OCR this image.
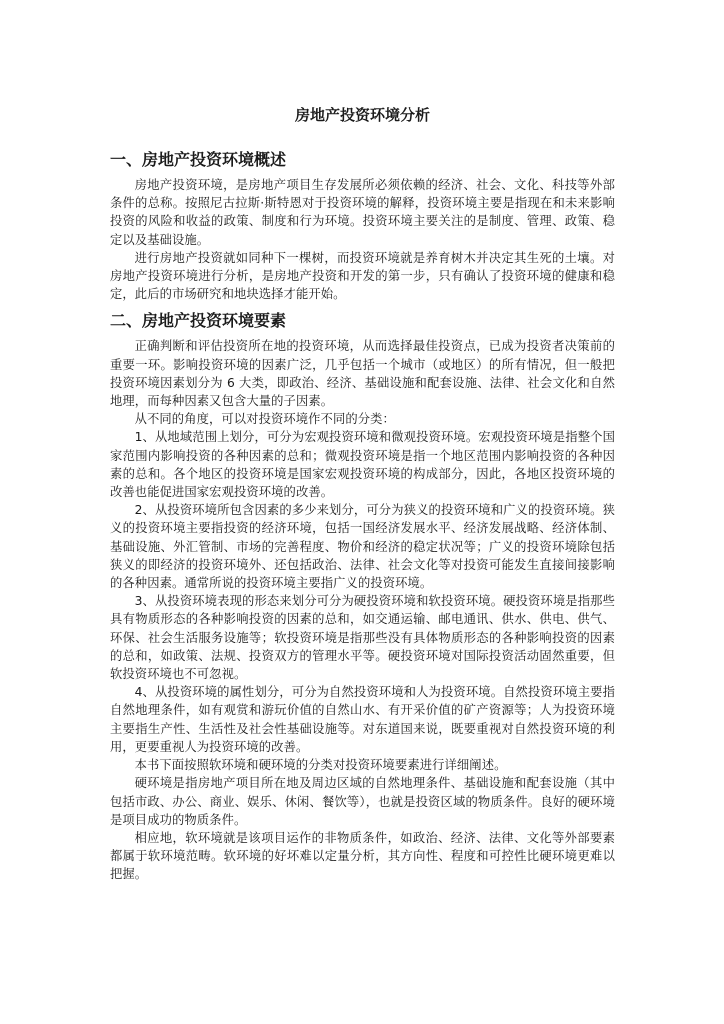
房地产投资环境分析
一、房地产投资环境概述

房地产投资环境，是房地产项目生存发展所必须依赖的经济、社会、文化、科技等外部条件的总称。按照尼古拉斯·斯特恩对于投资环境的解释，投资环境主要是指现在和未来影响投资的风险和收益的政策、制度和行为环境。投资环境主要关注的是制度、管理、政策、稳定以及基础设施。

进行房地产投资就如同种下一棵树，而投资环境就是养育树木并决定其生死的土壤。对房地产投资环境进行分析，是房地产投资和开发的第一步，只有确认了投资环境的健康和稳定，此后的市场研究和地块选择才能开始。

二、房地产投资环境要素

正确判断和评估投资所在地的投资环境，从而选择最佳投资点，已成为投资者决策前的重要一环。影响投资环境的因素广泛，几乎包括一个城市（或地区）的所有情况，但一般把投资环境因素划分为 6 大类，即政治、经济、基础设施和配套设施、法律、社会文化和自然地理，而每种因素又包含大量的子因素。

从不同的角度，可以对投资环境作不同的分类：

1、从地域范围上划分，可分为宏观投资环境和微观投资环境。宏观投资环境是指整个国家范围内影响投资的各种因素的总和；微观投资环境是指一个地区范围内影响投资的各种因素的总和。各个地区的投资环境是国家宏观投资环境的构成部分，因此，各地区投资环境的改善也能促进国家宏观投资环境的改善。

2、从投资环境所包含因素的多少来划分，可分为狭义的投资环境和广义的投资环境。狭义的投资环境主要指投资的经济环境，包括一国经济发展水平、经济发展战略、经济体制、基础设施、外汇管制、市场的完善程度、物价和经济的稳定状况等；广义的投资环境除包括狭义的即经济的投资环境外、还包括政治、法律、社会文化等对投资可能发生直接间接影响的各种因素。通常所说的投资环境主要指广义的投资环境。

3、从投资环境表现的形态来划分可分为硬投资环境和软投资环境。硬投资环境是指那些具有物质形态的各种影响投资的因素的总和，如交通运输、邮电通讯、供水、供电、供气、环保、社会生活服务设施等；软投资环境是指那些没有具体物质形态的各种影响投资的因素的总和，如政策、法规、投资双方的管理水平等。硬投资环境对国际投资活动固然重要，但软投资环境也不可忽视。

4、从投资环境的属性划分，可分为自然投资环境和人为投资环境。自然投资环境主要指自然地理条件，如有观赏和游玩价值的自然山水、有开采价值的矿产资源等；人为投资环境主要指生产性、生活性及社会性基础设施等。对东道国来说，既要重视对自然投资环境的利用，更要重视人为投资环境的改善。

本书下面按照软环境和硬环境的分类对投资环境要素进行详细阐述。

硬环境是指房地产项目所在地及周边区域的自然地理条件、基础设施和配套设施（其中包括市政、办公、商业、娱乐、休闲、餐饮等），也就是投资区域的物质条件。良好的硬环境是项目成功的物质条件。

相应地，软环境就是该项目运作的非物质条件，如政治、经济、法律、文化等外部要素都属于软环境范畴。软环境的好坏难以定量分析，其方向性、程度和可控性比硬环境更难以把握。
